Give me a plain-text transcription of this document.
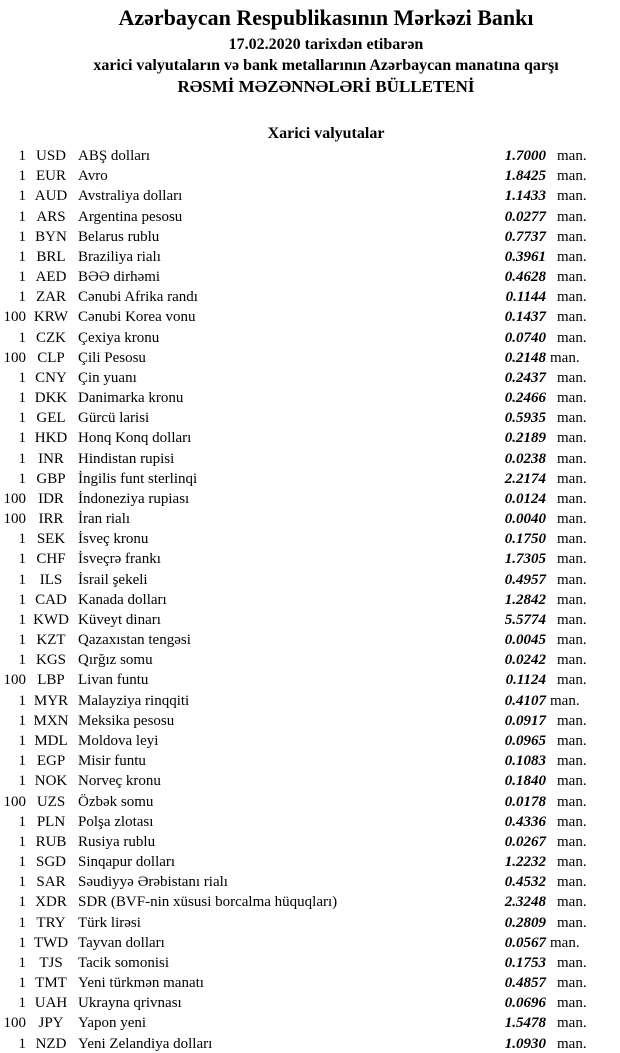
Azərbaycan Respublikasının Mərkəzi Bankı
17.02.2020 tarixdən etibarən
xarici valyutaların və bank metallarının Azərbaycan manatına qarşı
RƏSMİ MƏZƏNNƏLƏRİ BÜLLETENİ
Xarici valyutalar
1 USD ABŞ dolları	1.7000 man.
1 EUR Avro	1.8425 man.
1 AUD Avstraliya dolları	1.1433 man.
1 ARS Argentina pesosu	0.0277 man.
1 BYN Belarus rublu	0.7737 man.
1 BRL Braziliya rialı	0.3961 man.
1 AED BƏƏ dirhəmi	0.4628 man.
1 ZAR Cənubi Afrika randı	0.1144 man.
100 KRW Cənubi Korea vonu	0.1437 man.
1 CZK Çexiya kronu	0.0740 man.
100 CLP Çili Pesosu	0.2148 man.
1 CNY Çin yuanı	0.2437 man.
1 DKK Danimarka kronu	0.2466 man.
1 GEL Gürcü larisi	0.5935 man.
1 HKD Honq Konq dolları	0.2189 man.
1 INR Hindistan rupisi	0.0238 man.
1 GBP İngilis funt sterlinqi	2.2174 man.
100 IDR İndoneziya rupiası	0.0124 man.
100 IRR İran rialı	0.0040 man.
1 SEK İsveç kronu	0.1750 man.
1 CHF İsveçrə frankı	1.7305 man.
1 ILS	İsrail şekeli	0.4957 man.
1 CAD Kanada dolları	1.2842 man.
1 KWD Küveyt dinarı	5.5774 man.
1 KZT Qazaxıstan tengəsi	0.0045 man.
1 KGS Qırğız somu	0.0242 man.
100 LBP Livan funtu	0.1124 man.
1 MYR Malayziya rinqqiti	0.4107 man.
1 MXN Meksika pesosu	0.0917 man.
1 MDL Moldova leyi	0.0965 man.
1 EGP Misir funtu	0.1083 man.
1 NOK Norveç kronu	0.1840 man.
100 UZS Özbək somu	0.0178 man.
1 PLN Polşa zlotası	0.4336 man.
1 RUB Rusiya rublu	0.0267 man.
1 SGD Sinqapur dolları	1.2232 man.
1 SAR Səudiyyə Ərəbistanı rialı	0.4532 man.
1 XDR SDR (BVF-nin xüsusi borcalma hüquqları)	2.3248 man.
1 TRY Türk lirəsi	0.2809 man.
1 TWD Tayvan dolları	0.0567 man.
1 TJS	Tacik somonisi	0.1753 man.
1 TMT Yeni türkmən manatı	0.4857 man.
1 UAH Ukrayna qrivnası	0.0696 man.
100 JPY Yapon yeni	1.5478 man.
1 NZD Yeni Zelandiya dolları	1.0930 man.
